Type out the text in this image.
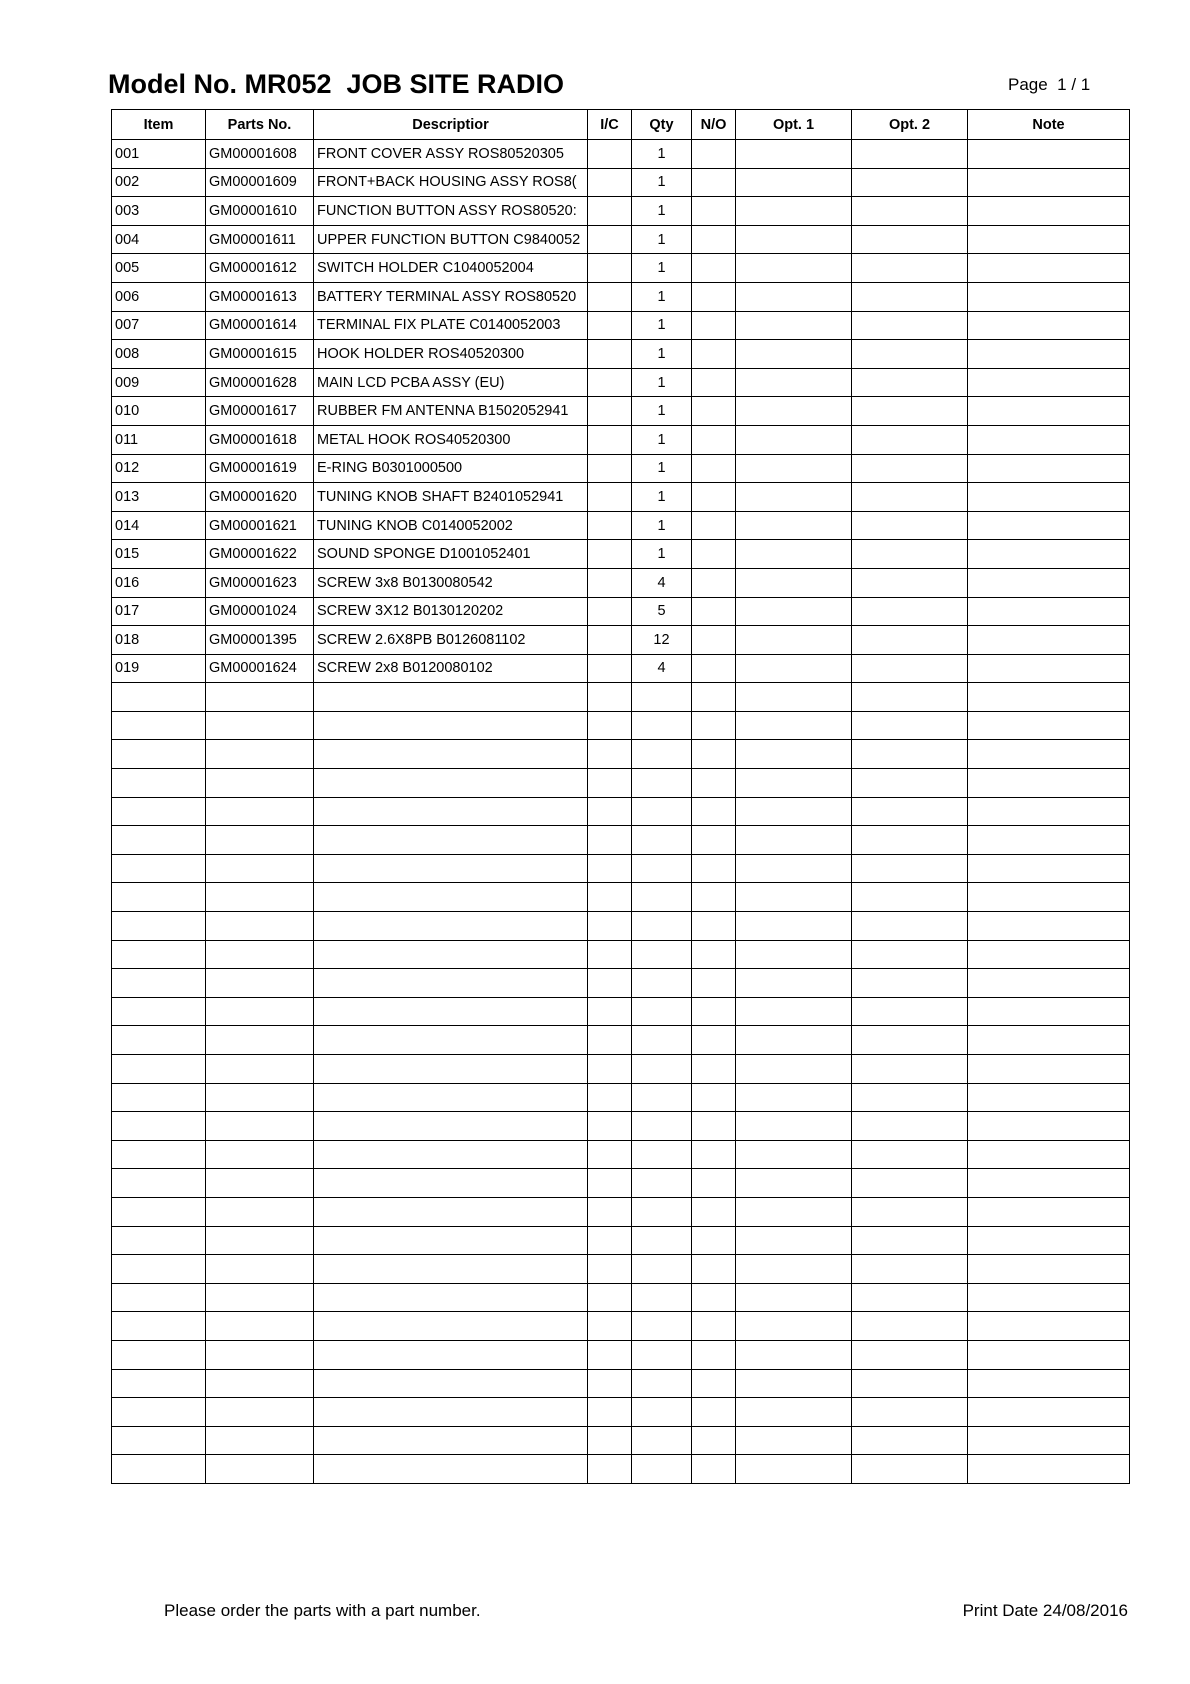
Model No. MR052  JOB SITE RADIO	Page  1 / 1
Item	Parts No.	Descriptior	I/C	Qty	N/O	Opt. 1	Opt. 2	Note
001	GM00001608	FRONT COVER ASSY ROS80520305		1				
002	GM00001609	FRONT+BACK HOUSING ASSY ROS8(		1				
003	GM00001610	FUNCTION BUTTON ASSY ROS80520:		1				
004	GM00001611	UPPER FUNCTION BUTTON C9840052		1				
005	GM00001612	SWITCH HOLDER C1040052004		1				
006	GM00001613	BATTERY TERMINAL ASSY ROS80520		1				
007	GM00001614	TERMINAL FIX PLATE C0140052003		1				
008	GM00001615	HOOK HOLDER ROS40520300		1				
009	GM00001628	MAIN LCD PCBA ASSY (EU)		1				
010	GM00001617	RUBBER FM ANTENNA B1502052941		1				
011	GM00001618	METAL HOOK ROS40520300		1				
012	GM00001619	E-RING B0301000500		1				
013	GM00001620	TUNING KNOB SHAFT B2401052941		1				
014	GM00001621	TUNING KNOB C0140052002		1				
015	GM00001622	SOUND SPONGE D1001052401		1				
016	GM00001623	SCREW 3x8 B0130080542		4				
017	GM00001024	SCREW 3X12 B0130120202		5				
018	GM00001395	SCREW 2.6X8PB B0126081102		12				
019	GM00001624	SCREW 2x8 B0120080102		4				

Please order the parts with a part number.	Print Date 24/08/2016
